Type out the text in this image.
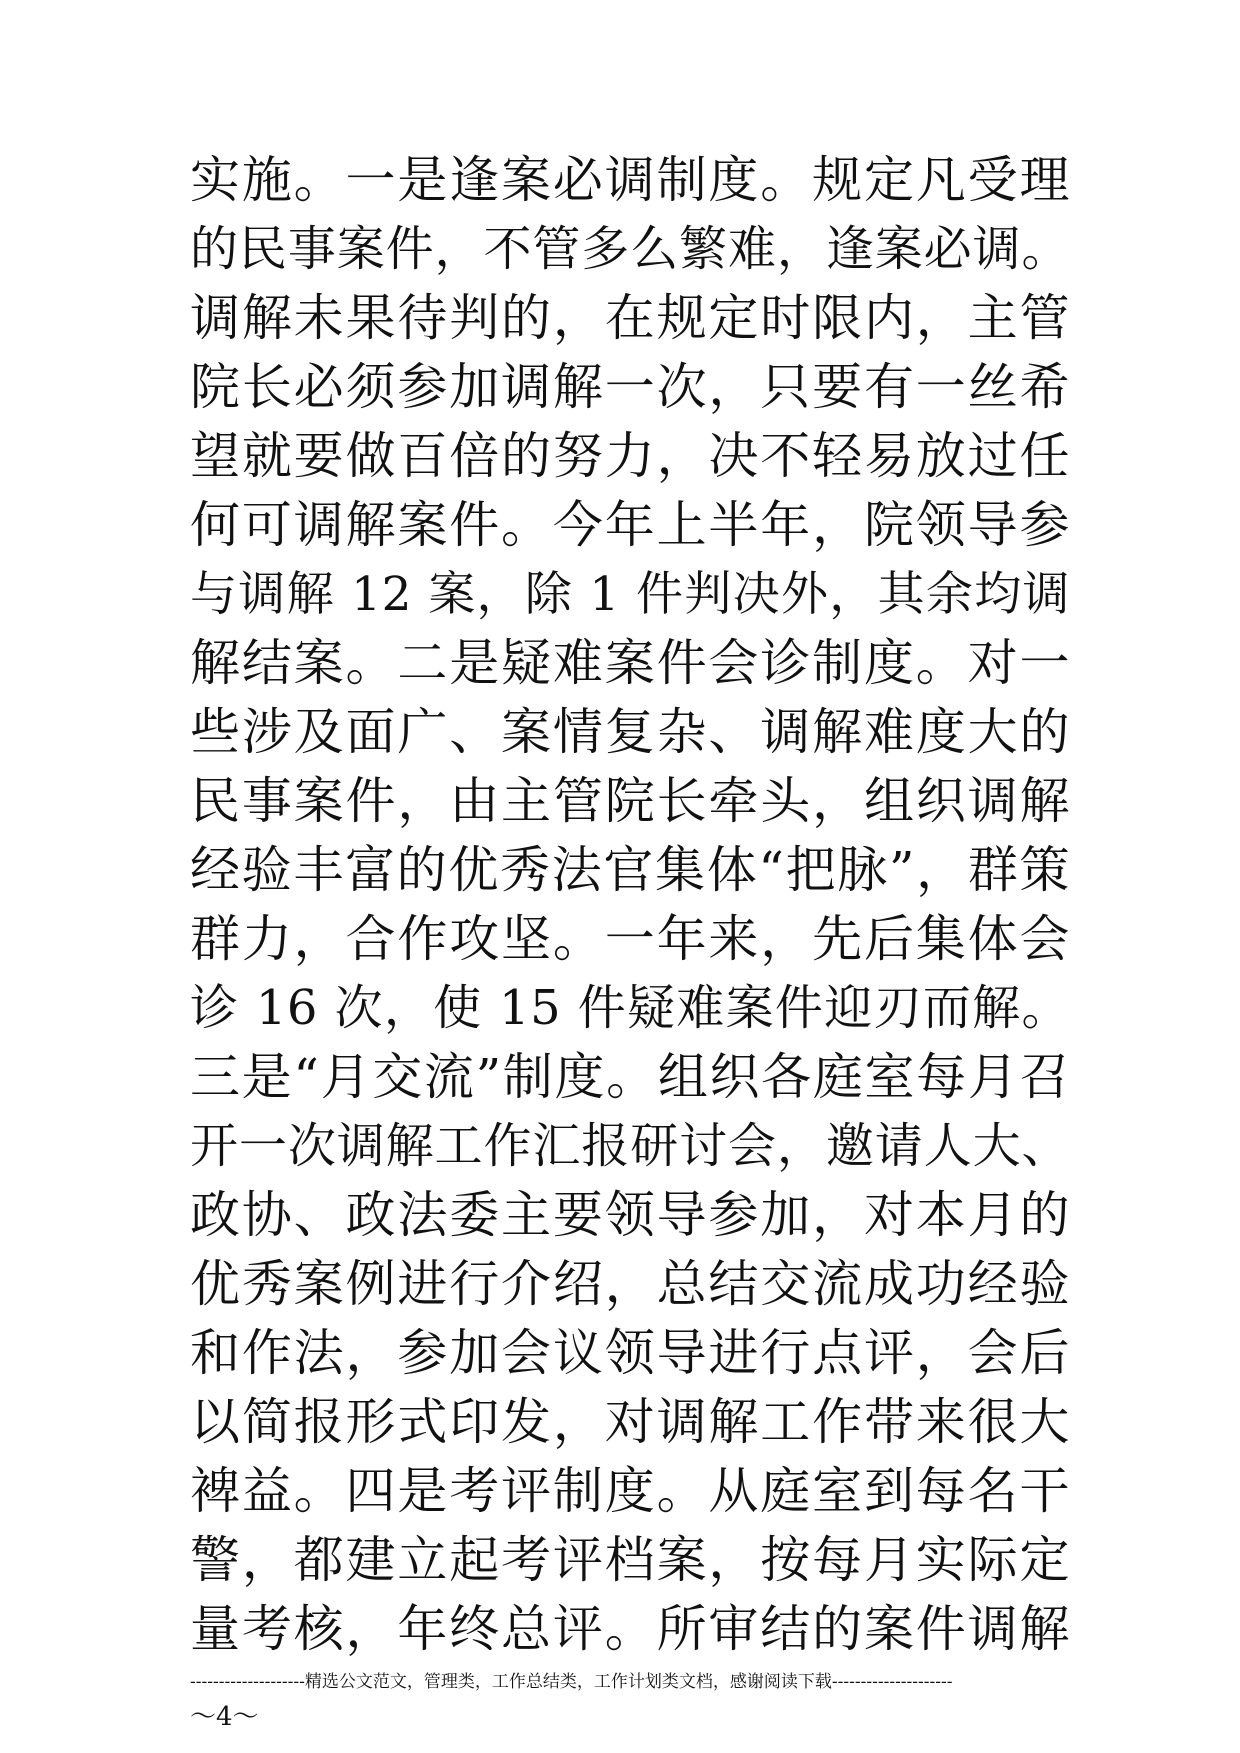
实施。一是逢案必调制度。规定凡受理
的民事案件，不管多么繁难，逢案必调。
调解未果待判的，在规定时限内，主管
院长必须参加调解一次，只要有一丝希
望就要做百倍的努力，决不轻易放过任
何可调解案件。今年上半年，院领导参
与调解 12 案，除 1 件判决外，其余均调
解结案。二是疑难案件会诊制度。对一
些涉及面广、案情复杂、调解难度大的
民事案件，由主管院长牵头，组织调解
经验丰富的优秀法官集体“把脉”，群策
群力，合作攻坚。一年来，先后集体会
诊 16 次，使 15 件疑难案件迎刃而解。
三是“月交流”制度。组织各庭室每月召
开一次调解工作汇报研讨会，邀请人大、
政协、政法委主要领导参加，对本月的
优秀案例进行介绍，总结交流成功经验
和作法，参加会议领导进行点评，会后
以简报形式印发，对调解工作带来很大
裨益。四是考评制度。从庭室到每名干
警，都建立起考评档案，按每月实际定
量考核，年终总评。所审结的案件调解
--------------------精选公文范文，管理类，工作总结类，工作计划类文档，感谢阅读下载---------------------
～4～
